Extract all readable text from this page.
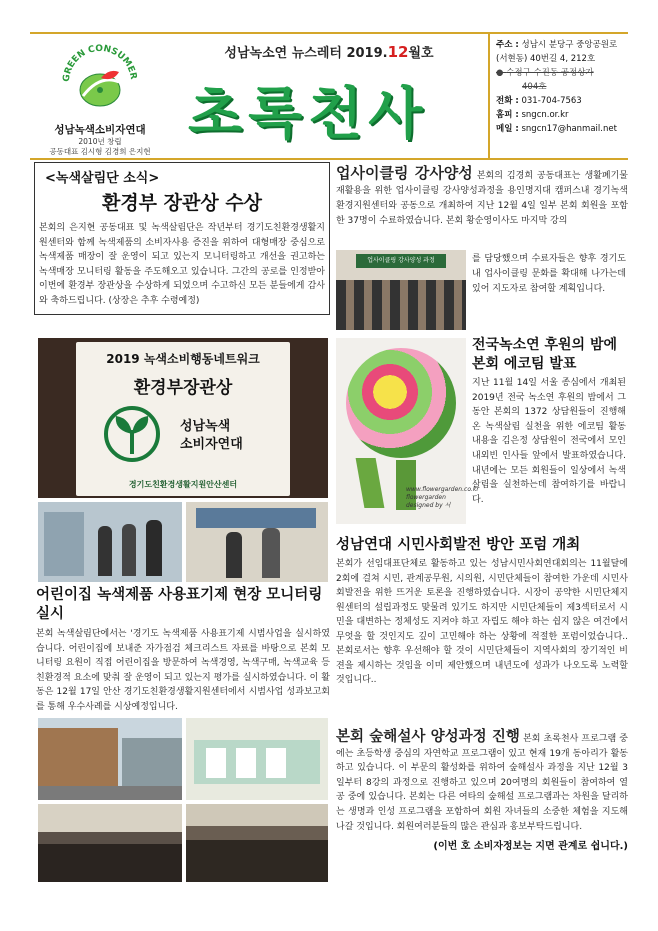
GREEN CONSUMER
성남녹색소비자연대
2010년 창립
공동대표 김시형 김경희 은지현
성남녹소연 뉴스레터 2019.12월호
초록천사
주소 : 성남시 분당구 중앙공원로 (서현동) 40번길 4, 212호
● 수정구 수진동 공정상가
404호
전화 : 031-704-7563
홈피 : sngcn.or.kr
메일 : sngcn17@hanmail.net
<녹색살림단 소식>
환경부 장관상 수상
본회의 은지현 공동대표 및 녹색살림단은 작년부터 경기도친환경생활지원센터와 함께 녹색제품의 소비자사용 증진을 위하여 대형매장 중심으로 녹색제품 매장이 잘 운영이 되고 있는지 모니터링하고 개선을 권고하는 녹색매장 모니터링 활동을 주도해오고 있습니다. 그간의 공로를 인정받아 이번에 환경부 장관상을 수상하게 되었으며 수고하신 모든 분들에게 감사와 축하드립니다. (상장은 추후 수령예정)
2019 녹색소비행동네트워크
환경부장관상
성남녹색
소비자연대
경기도친환경생활지원안산센터
어린이집 녹색제품 사용표기제 현장 모니터링 실시
본회 녹색살림단에서는 '경기도 녹색제품 사용표기제 시범사업을 실시하였습니다. 어린이집에 보내준 자가점검 체크리스트 자료를 바탕으로 본회 모니터링 요원이 직접 어린이집을 방문하여 녹색경영, 녹색구매, 녹색교육 등 친환경적 요소에 맞춰 잘 운영이 되고 있는지 평가를 실시하였습니다. 이 활동은 12월 17일 안산 경기도친환경생활지원센터에서 시범사업 성과보고회를 통해 우수사례를 시상예정입니다.
업사이클링 강사양성 본회의 김경희 공동대표는 생활폐기물 재활용을 위한 업사이클링 강사양성과정을 용인명지대 캠퍼스내 경기녹색환경지원센터와 공동으로 개최하여 지난 12월 4일 일부 본회 회원을 포함한 37명이 수료하였습니다. 본회 황순영이사도 마지막 강의
업사이클링 강사양성 과정	를 담당했으며 수료자들은 향후 경기도내 업사이클링 문화를 확대해 나가는데 있어 지도자로 참여할 계획입니다.
www.flowergarden.co.kr
flowergarden
designed by 서
전국녹소연 후원의 밤에 본회 에코팀 발표
지난 11월 14일 서울 종심에서 개최된 2019년 전국 녹소연 후원의 밤에서 그동안 본회의 1372 상담원들이 진행해온 녹색살림 실천을 위한 에코팀 활동 내용을 김은정 상담원이 전국에서 모인 내외빈 인사들 앞에서 발표하였습니다. 내년에는 모든 회원들이 일상에서 녹색살림을 실천하는데 참여하기를 바랍니다.
성남연대 시민사회발전 방안 포럼 개최
본회가 선임대표단체로 활동하고 있는 성남시민사회연대회의는 11월달에 2회에 걸쳐 시민, 관계공무원, 시의원, 시민단체들이 참여한 가운데 시민사회발전을 위한 뜨거운 토론을 진행하였습니다. 시장이 공약한 시민단체지원센터의 설립과정도 맞물려 있기도 하지만 시민단체들이 제3섹터로서 시민을 대변하는 정체성도 지켜야 하고 자립도 해야 하는 쉽지 않은 여건에서 무엇을 할 것인지도 깊이 고민해야 하는 상황에 적절한 포럼이었습니다.. 본회로서는 향후 우선해야 할 것이 시민단체들이 지역사회의 장기적인 비젼을 제시하는 것임을 이미 제안했으며 내년도에 성과가 나오도록 노력할 것입니다..
본회 숲해설사 양성과정 진행 본회 초록천사 프로그램 중에는 초등학생 중심의 자연학교 프로그램이 있고 현재 19개 동아리가 활동하고 있습니다. 이 부문의 활성화를 위하여 숲해설사 과정을 지난 12월 3일부터 8강의 과정으로 진행하고 있으며 20여명의 회원들이 참여하여 열공 중에 있습니다. 본회는 다른 여타의 숲해설 프로그램과는 차원을 달리하는 생명과 인성 프로그램을 포함하여 회원 자녀들의 소중한 체험을 지도해 나갈 것입니다. 회원여러분들의 많은 관심과 홍보부탁드립니다.
(이번 호 소비자정보는 지면 관계로 쉽니다.)
